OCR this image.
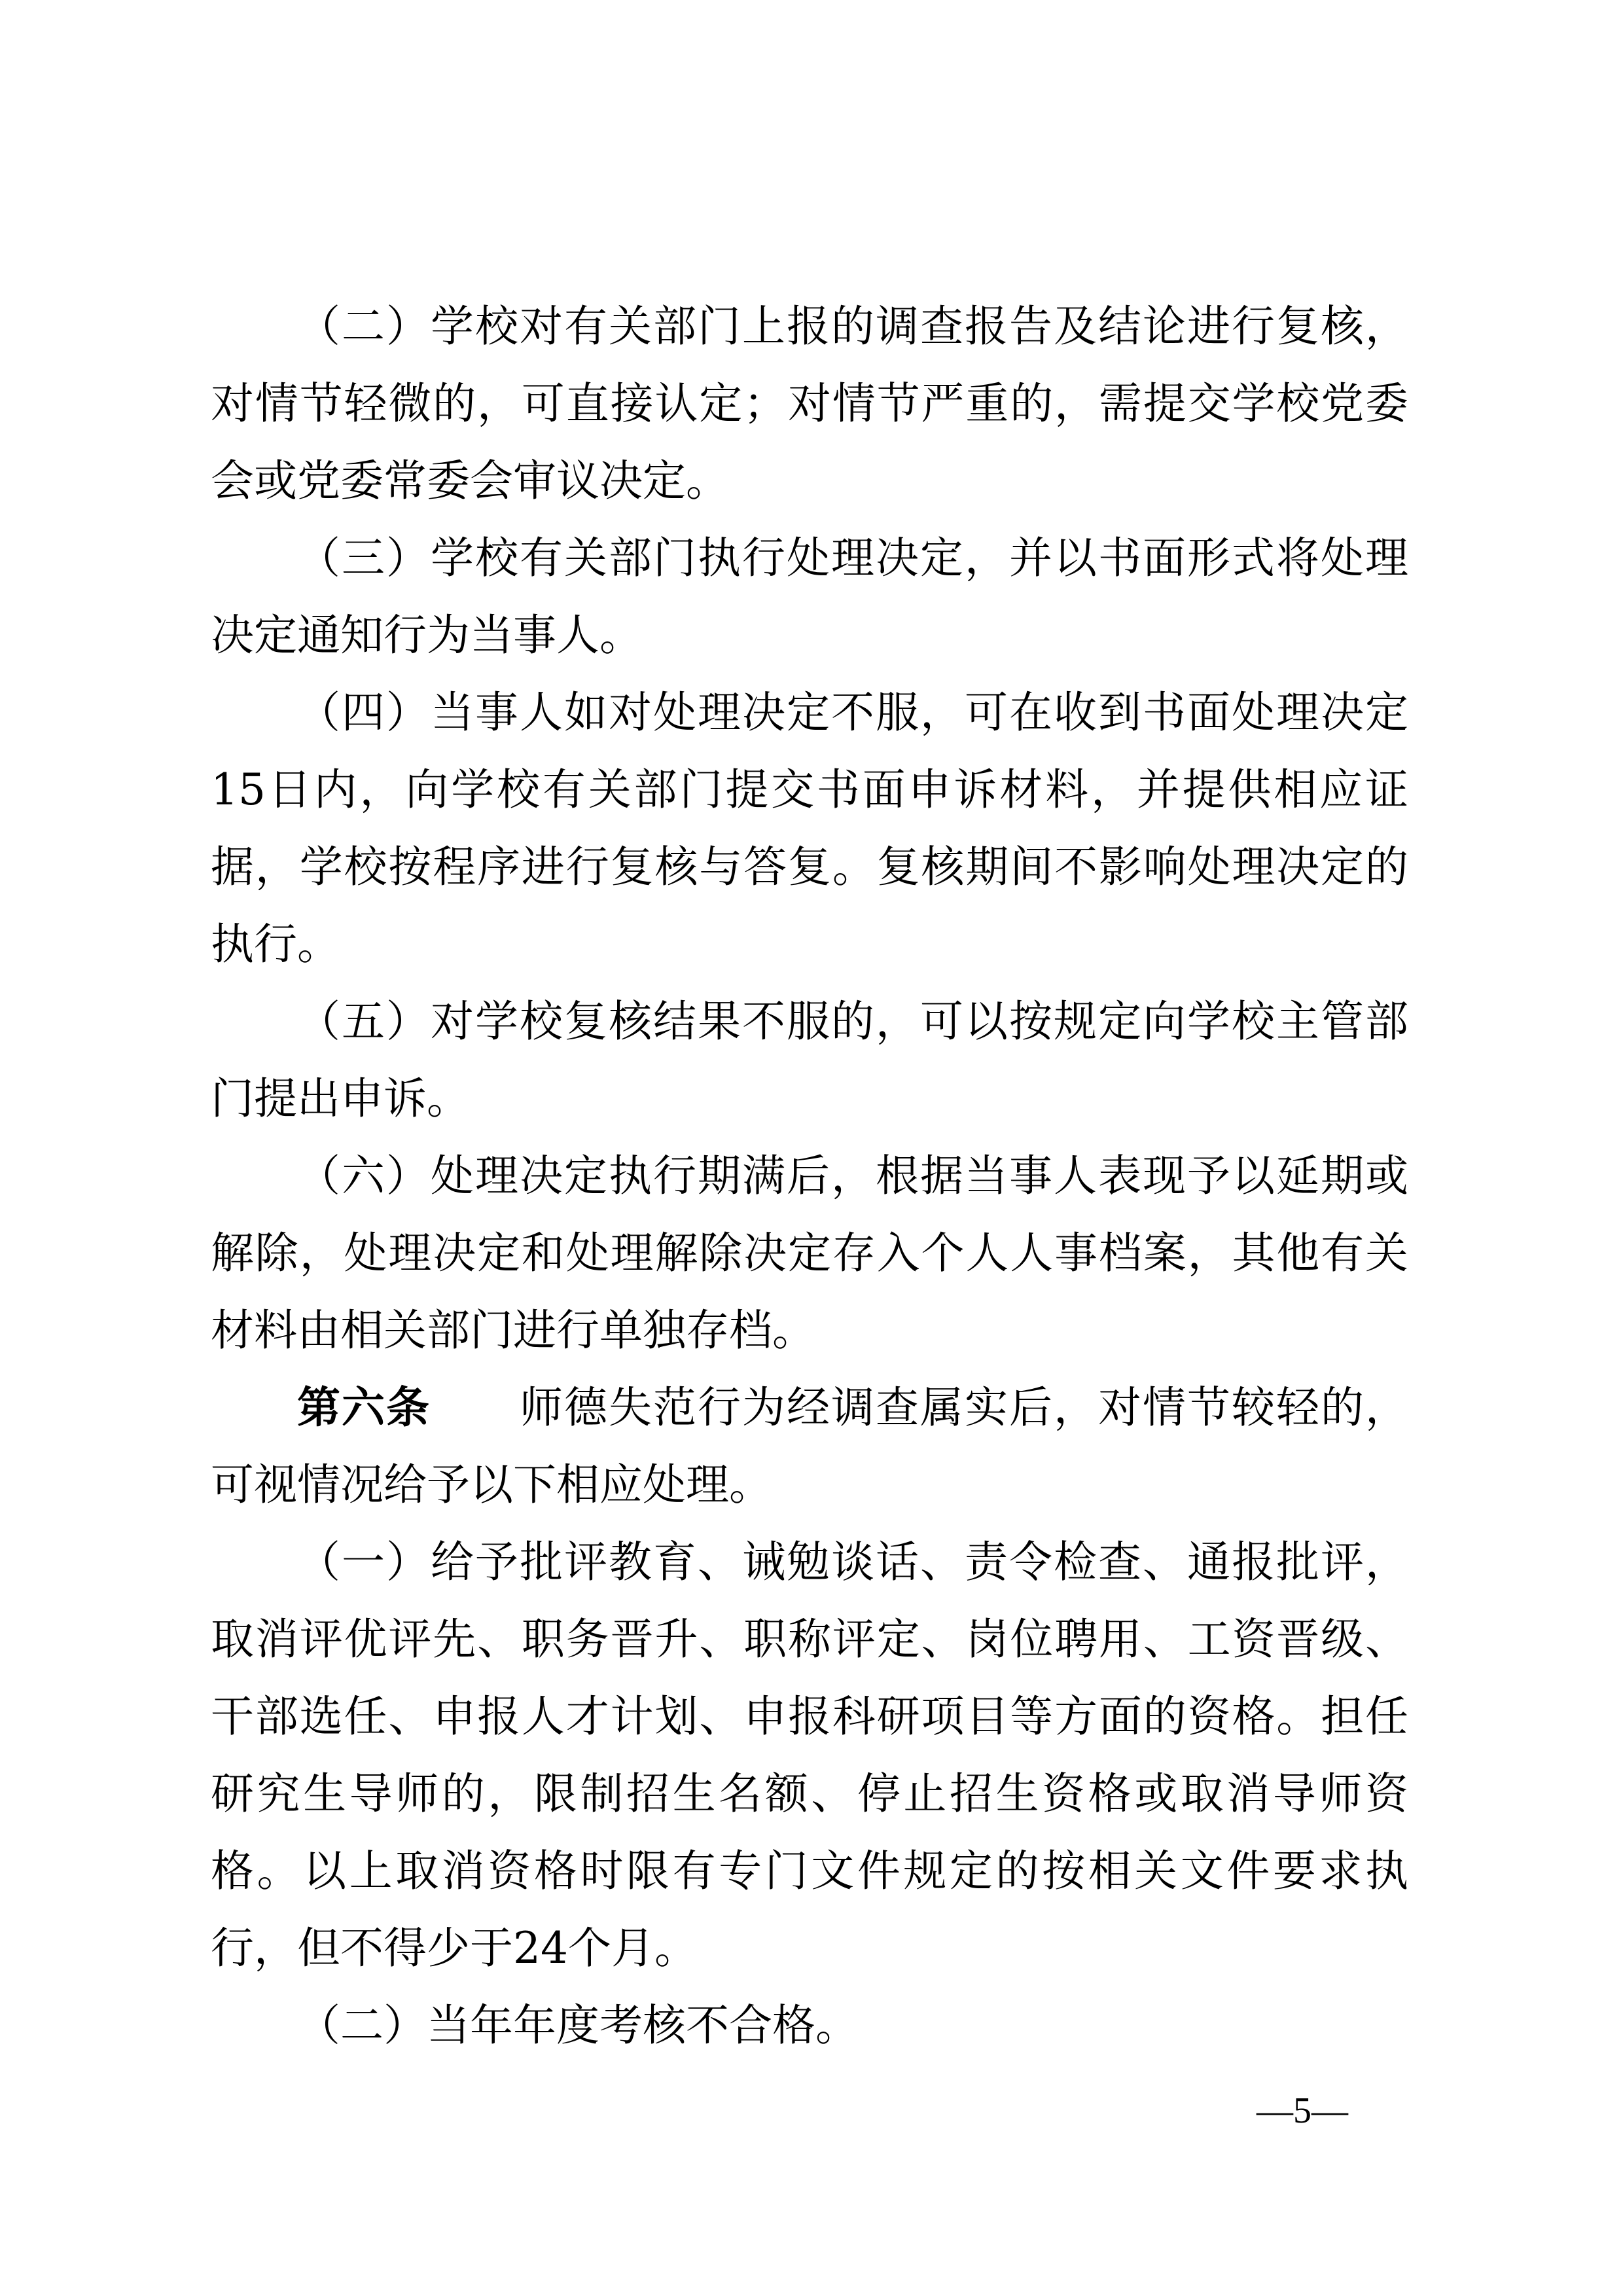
（二）学校对有关部门上报的调查报告及结论进行复核，对情节轻微的，可直接认定；对情节严重的，需提交学校党委会或党委常委会审议决定。

（三）学校有关部门执行处理决定，并以书面形式将处理决定通知行为当事人。

（四）当事人如对处理决定不服，可在收到书面处理决定15日内，向学校有关部门提交书面申诉材料，并提供相应证据，学校按程序进行复核与答复。复核期间不影响处理决定的执行。

（五）对学校复核结果不服的，可以按规定向学校主管部门提出申诉。

（六）处理决定执行期满后，根据当事人表现予以延期或解除，处理决定和处理解除决定存入个人人事档案，其他有关材料由相关部门进行单独存档。

第六条　　 师德失范行为经调查属实后，对情节较轻的，可视情况给予以下相应处理。

（一）给予批评教育、诫勉谈话、责令检查、通报批评，取消评优评先、职务晋升、职称评定、岗位聘用、工资晋级、干部选任、申报人才计划、申报科研项目等方面的资格。担任研究生导师的，限制招生名额、停止招生资格或取消导师资格。以上取消资格时限有专门文件规定的按相关文件要求执行，但不得少于24个月。

（二）当年年度考核不合格。

—5—
